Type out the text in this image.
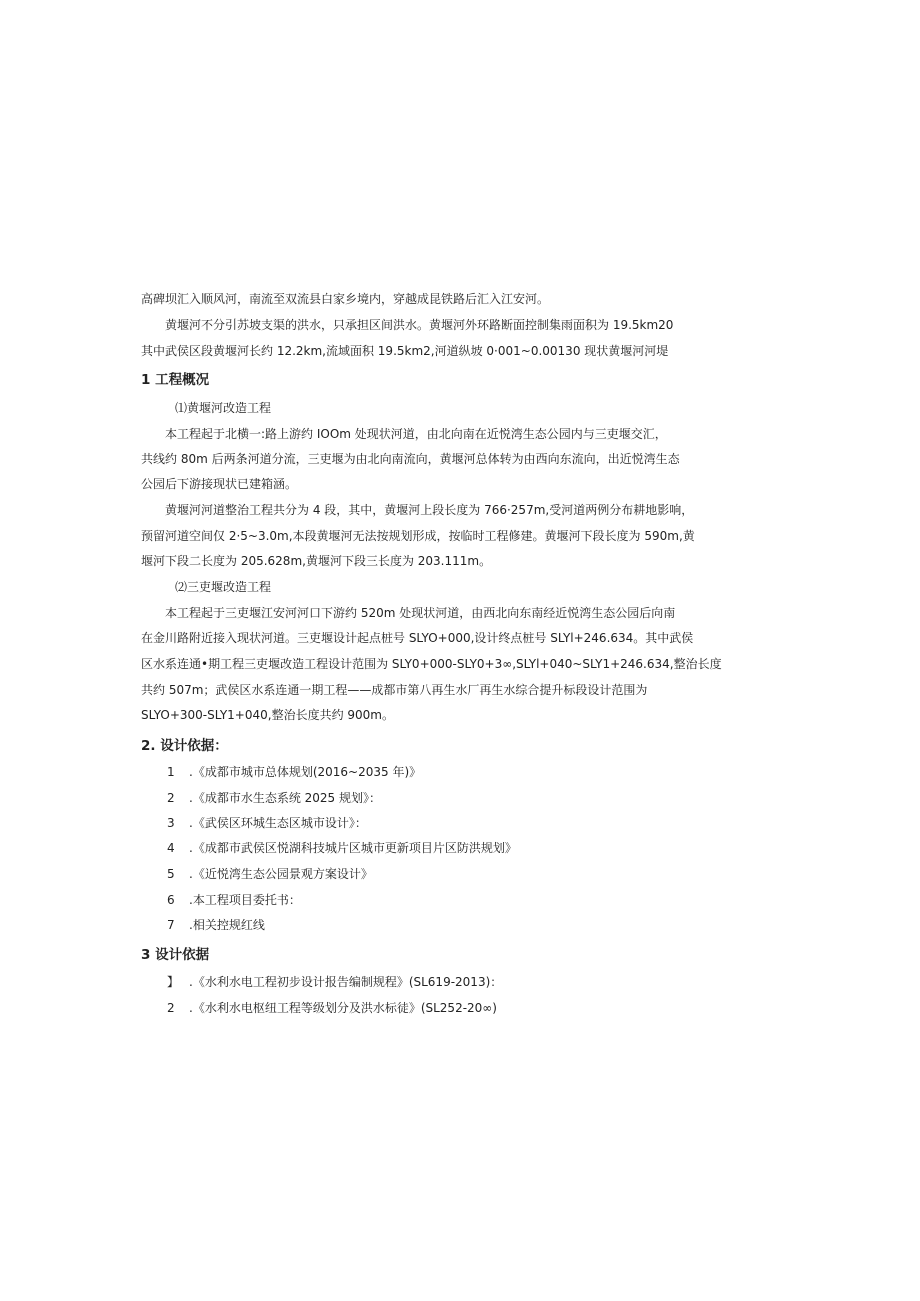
高碑坝汇入顺风河，南流至双流县白家乡境内，穿越成昆铁路后汇入江安河。
黄堰河不分引苏坡支渠的洪水，只承担区间洪水。黄堰河外环路断面控制集雨面积为 19.5km20
其中武侯区段黄堰河长约 12.2km,流域面积 19.5km2,河道纵坡 0·001~0.00130 现状黄堰河河堤
1 工程概况
⑴黄堰河改造工程
本工程起于北横一:路上游约 IOOm 处现状河道，由北向南在近悦湾生态公园内与三吏堰交汇，
共线约 80m 后两条河道分流，三吏堰为由北向南流向，黄堰河总体转为由西向东流向，出近悦湾生态
公园后下游接现状已建箱涵。
黄堰河河道整治工程共分为 4 段，其中，黄堰河上段长度为 766·257m,受河道两例分布耕地影响，
预留河道空间仅 2·5~3.0m,本段黄堰河无法按规划形成，按临时工程修建。黄堰河下段长度为 590m,黄
堰河下段二长度为 205.628m,黄堰河下段三长度为 203.111m。
⑵三吏堰改造工程
本工程起于三吏堰江安河河口下游约 520m 处现状河道，由西北向东南经近悦湾生态公园后向南
在金川路附近接入现状河道。三吏堰设计起点桩号 SLYO+000,设计终点桩号 SLYl+246.634。其中武侯
区水系连通•期工程三吏堰改造工程设计范围为 SLY0+000-SLY0+3∞,SLYl+040~SLY1+246.634,整治长度
共约 507m；武侯区水系连通一期工程——成都市第八再生水厂再生水综合提升标段设计范围为
SLYO+300-SLY1+040,整治长度共约 900m。
2. 设计依据：
1 .《成都市城市总体规划(2016~2035 年)》
2 .《成都市水生态系统 2025 规划》：
3 .《武侯区环城生态区城市设计》：
4 .《成都市武侯区悦湖科技城片区城市更新项目片区防洪规划》
5 .《近悦湾生态公园景观方案设计》
6 .本工程项目委托书：
7 .相关控规红线
3 设计依据
】 .《水利水电工程初步设计报告编制规程》(SL619-2013)：
2 .《水利水电枢纽工程等级划分及洪水标徒》(SL252-20∞)
